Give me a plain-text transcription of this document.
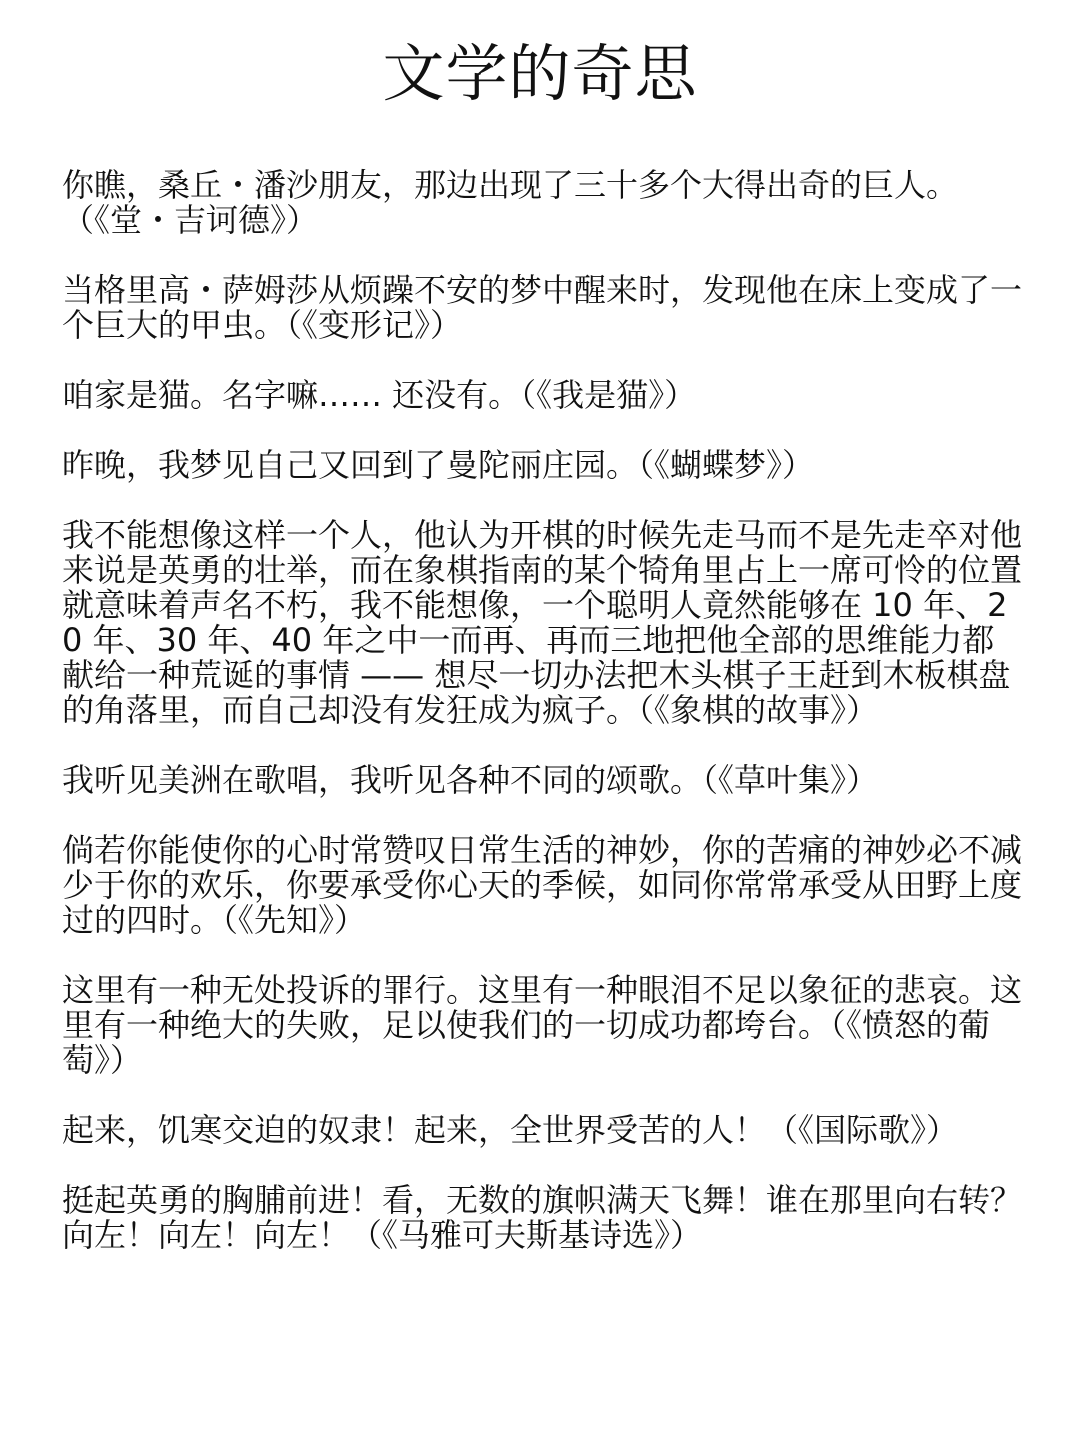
文学的奇思

你瞧，桑丘・潘沙朋友，那边出现了三十多个大得出奇的巨人。（《堂・吉诃德》）

当格里高・萨姆莎从烦躁不安的梦中醒来时，发现他在床上变成了一个巨大的甲虫。（《变形记》）

咱家是猫。名字嘛…… 还没有。（《我是猫》）

昨晚，我梦见自己又回到了曼陀丽庄园。（《蝴蝶梦》）

我不能想像这样一个人，他认为开棋的时候先走马而不是先走卒对他来说是英勇的壮举，而在象棋指南的某个犄角里占上一席可怜的位置就意味着声名不朽，我不能想像，一个聪明人竟然能够在 10 年、20 年、30 年、40 年之中一而再、再而三地把他全部的思维能力都献给一种荒诞的事情 —— 想尽一切办法把木头棋子王赶到木板棋盘的角落里，而自己却没有发狂成为疯子。（《象棋的故事》）

我听见美洲在歌唱，我听见各种不同的颂歌。（《草叶集》）

倘若你能使你的心时常赞叹日常生活的神妙，你的苦痛的神妙必不减少于你的欢乐，你要承受你心天的季候，如同你常常承受从田野上度过的四时。（《先知》）

这里有一种无处投诉的罪行。这里有一种眼泪不足以象征的悲哀。这里有一种绝大的失败，足以使我们的一切成功都垮台。（《愤怒的葡萄》）

起来，饥寒交迫的奴隶！起来，全世界受苦的人！（《国际歌》）

挺起英勇的胸脯前进！看，无数的旗帜满天飞舞！谁在那里向右转？向左！向左！向左！（《马雅可夫斯基诗选》）
